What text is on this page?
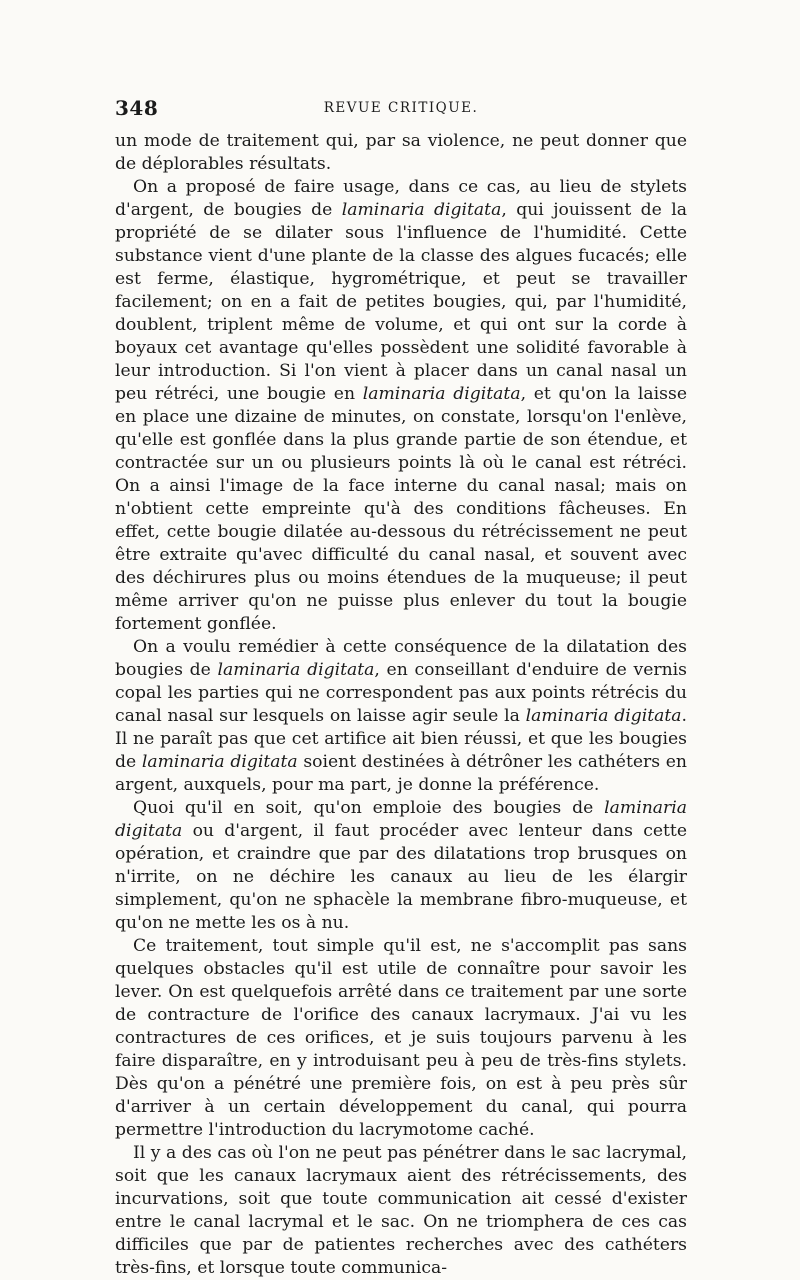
348	REVUE CRITIQUE.

un mode de traitement qui, par sa violence, ne peut donner que de déplorables résultats.

On a proposé de faire usage, dans ce cas, au lieu de stylets d'argent, de bougies de laminaria digitata, qui jouissent de la propriété de se dilater sous l'influence de l'humidité. Cette substance vient d'une plante de la classe des algues fucacés; elle est ferme, élastique, hygrométrique, et peut se travailler facilement; on en a fait de petites bougies, qui, par l'humidité, doublent, triplent même de volume, et qui ont sur la corde à boyaux cet avantage qu'elles possèdent une solidité favorable à leur introduction. Si l'on vient à placer dans un canal nasal un peu rétréci, une bougie en laminaria digitata, et qu'on la laisse en place une dizaine de minutes, on constate, lorsqu'on l'enlève, qu'elle est gonflée dans la plus grande partie de son étendue, et contractée sur un ou plusieurs points là où le canal est rétréci. On a ainsi l'image de la face interne du canal nasal; mais on n'obtient cette empreinte qu'à des conditions fâcheuses. En effet, cette bougie dilatée au-dessous du rétrécissement ne peut être extraite qu'avec difficulté du canal nasal, et souvent avec des déchirures plus ou moins étendues de la muqueuse; il peut même arriver qu'on ne puisse plus enlever du tout la bougie fortement gonflée.

On a voulu remédier à cette conséquence de la dilatation des bougies de laminaria digitata, en conseillant d'enduire de vernis copal les parties qui ne correspondent pas aux points rétrécis du canal nasal sur lesquels on laisse agir seule la laminaria digitata. Il ne paraît pas que cet artifice ait bien réussi, et que les bougies de laminaria digitata soient destinées à détrôner les cathéters en argent, auxquels, pour ma part, je donne la préférence.

Quoi qu'il en soit, qu'on emploie des bougies de laminaria digitata ou d'argent, il faut procéder avec lenteur dans cette opération, et craindre que par des dilatations trop brusques on n'irrite, on ne déchire les canaux au lieu de les élargir simplement, qu'on ne sphacèle la membrane fibro-muqueuse, et qu'on ne mette les os à nu.

Ce traitement, tout simple qu'il est, ne s'accomplit pas sans quelques obstacles qu'il est utile de connaître pour savoir les lever. On est quelquefois arrêté dans ce traitement par une sorte de contracture de l'orifice des canaux lacrymaux. J'ai vu les contractures de ces orifices, et je suis toujours parvenu à les faire disparaître, en y introduisant peu à peu de très-fins stylets. Dès qu'on a pénétré une première fois, on est à peu près sûr d'arriver à un certain développement du canal, qui pourra permettre l'introduction du lacrymotome caché.

Il y a des cas où l'on ne peut pas pénétrer dans le sac lacrymal, soit que les canaux lacrymaux aient des rétrécissements, des incurvations, soit que toute communication ait cessé d'exister entre le canal lacrymal et le sac. On ne triomphera de ces cas difficiles que par de patientes recherches avec des cathéters très-fins, et lorsque toute communica-
